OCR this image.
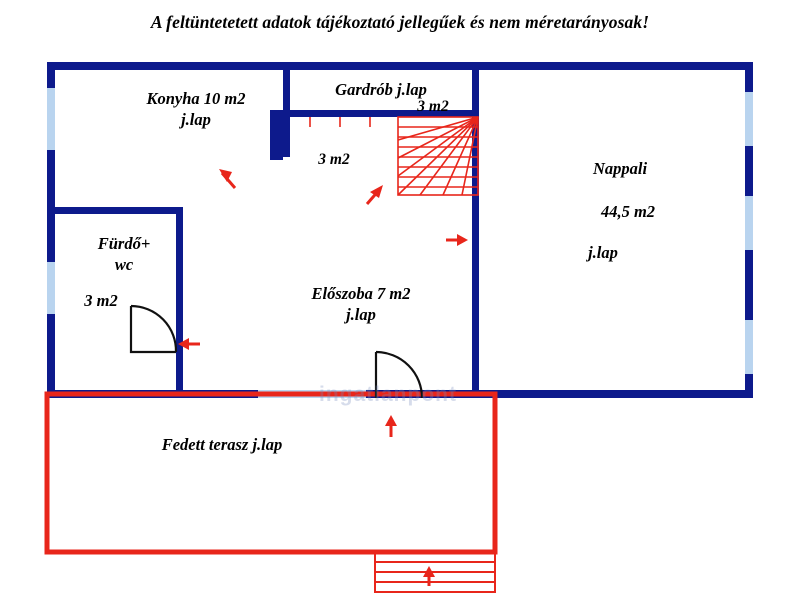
A feltüntetetett adatok tájékoztató jellegűek és nem méretarányosak!
Konyha 10 m2
j.lap
Gardrób j.lap
3 m2
3 m2	Nappali
44,5 m2
j.lap
Fürdő+
wc
3 m2	Előszoba 7 m2
j.lap
Fedett terasz j.lap
ingatlanpont
